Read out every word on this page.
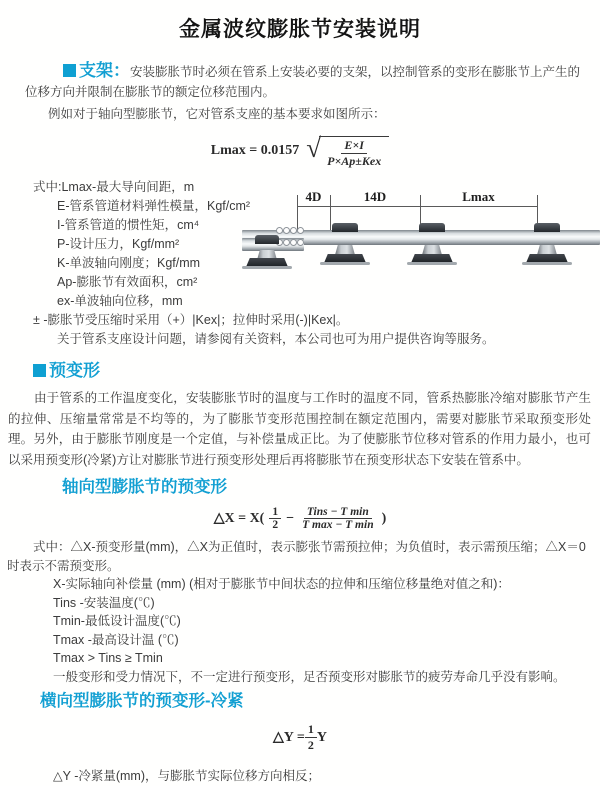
金属波纹膨胀节安装说明

支架：安装膨胀节时必须在管系上安装必要的支架，以控制管系的变形在膨胀节上产生的位移方向并限制在膨胀节的额定位移范围内。

例如对于轴向型膨胀节，它对管系支座的基本要求如图所示：

Lmax = 0.0157 √ $\frac{E\times I}{\text{P×Ap±Kex}}$

式中:Lmax-最大导向间距，m

E-管系管道材料弹性模量，Kgf/cm²

I-管系管道的惯性矩，cm⁴

P-设计压力，Kgf/mm²

K-单波轴向刚度；Kgf/mm

Ap-膨胀节有效面积，cm²

ex-单波轴向位移，mm

± -膨胀节受压缩时采用（+）|Kex|；拉伸时采用(-)|Kex|。

关于管系支座设计问题，请参阅有关资料，本公司也可为用户提供咨询等服务。

4D	14D	Lmax

预变形

由于管系的工作温度变化，安装膨胀节时的温度与工作时的温度不同，管系热膨胀冷缩对膨胀节产生的拉伸、压缩量常常是不均等的，为了膨胀节变形范围控制在额定范围内，需要对膨胀节采取预变形处理。另外，由于膨胀节刚度是一个定值，与补偿量成正比。为了使膨胀节位移对管系的作用力最小，也可以采用预变形(冷紧)方让对膨胀节进行预变形处理后再将膨胀节在预变形状态下安装在管系中。

轴向型膨胀节的预变形

△X = $X( \frac{1}{2} - \frac{\text{Tins − T min}}{\text{T max − T min}}$ )

式中：△X-预变形量(mm)，△X为正值时，表示膨张节需预拉伸；为负值时，表示需预压缩；△X＝0时表示不需预变形。

X-实际轴向补偿量 (mm) (相对于膨胀节中间状态的拉伸和压缩位移量绝对值之和)：

Tins -安装温度(℃)

Tmin-最低设计温度(℃)

Tmax -最高设计温 (℃)

Tmax > Tins ≥ Tmin

一般变形和受力情况下，不一定进行预变形，足否预变形对膨胀节的疲劳寿命几乎没有影响。

横向型膨胀节的预变形-冷紧

△Y = $\frac{1}{2}$ Y

△Y -冷紧量(mm)，与膨胀节实际位移方向相反；
